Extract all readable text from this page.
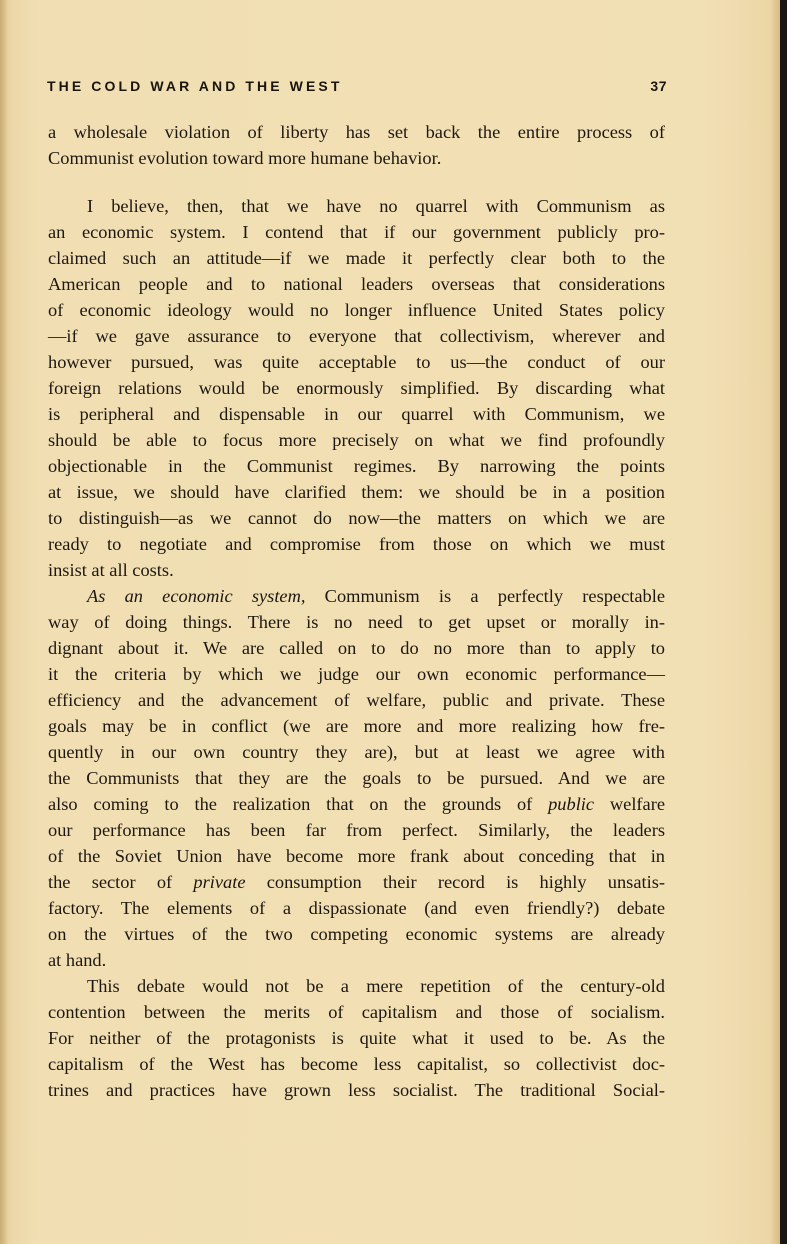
THE COLD WAR AND THE WEST	37
a wholesale violation of liberty has set back the entire process of
Communist evolution toward more humane behavior.
I believe, then, that we have no quarrel with Communism as
an economic system. I contend that if our government publicly pro-
claimed such an attitude—if we made it perfectly clear both to the
American people and to national leaders overseas that considerations
of economic ideology would no longer influence United States policy
—if we gave assurance to everyone that collectivism, wherever and
however pursued, was quite acceptable to us—the conduct of our
foreign relations would be enormously simplified. By discarding what
is peripheral and dispensable in our quarrel with Communism, we
should be able to focus more precisely on what we find profoundly
objectionable in the Communist regimes. By narrowing the points
at issue, we should have clarified them: we should be in a position
to distinguish—as we cannot do now—the matters on which we are
ready to negotiate and compromise from those on which we must
insist at all costs.
As an economic system, Communism is a perfectly respectable
way of doing things. There is no need to get upset or morally in-
dignant about it. We are called on to do no more than to apply to
it the criteria by which we judge our own economic performance—
efficiency and the advancement of welfare, public and private. These
goals may be in conflict (we are more and more realizing how fre-
quently in our own country they are), but at least we agree with
the Communists that they are the goals to be pursued. And we are
also coming to the realization that on the grounds of public welfare
our performance has been far from perfect. Similarly, the leaders
of the Soviet Union have become more frank about conceding that in
the sector of private consumption their record is highly unsatis-
factory. The elements of a dispassionate (and even friendly?) debate
on the virtues of the two competing economic systems are already
at hand.
This debate would not be a mere repetition of the century-old
contention between the merits of capitalism and those of socialism.
For neither of the protagonists is quite what it used to be. As the
capitalism of the West has become less capitalist, so collectivist doc-
trines and practices have grown less socialist. The traditional Social-
